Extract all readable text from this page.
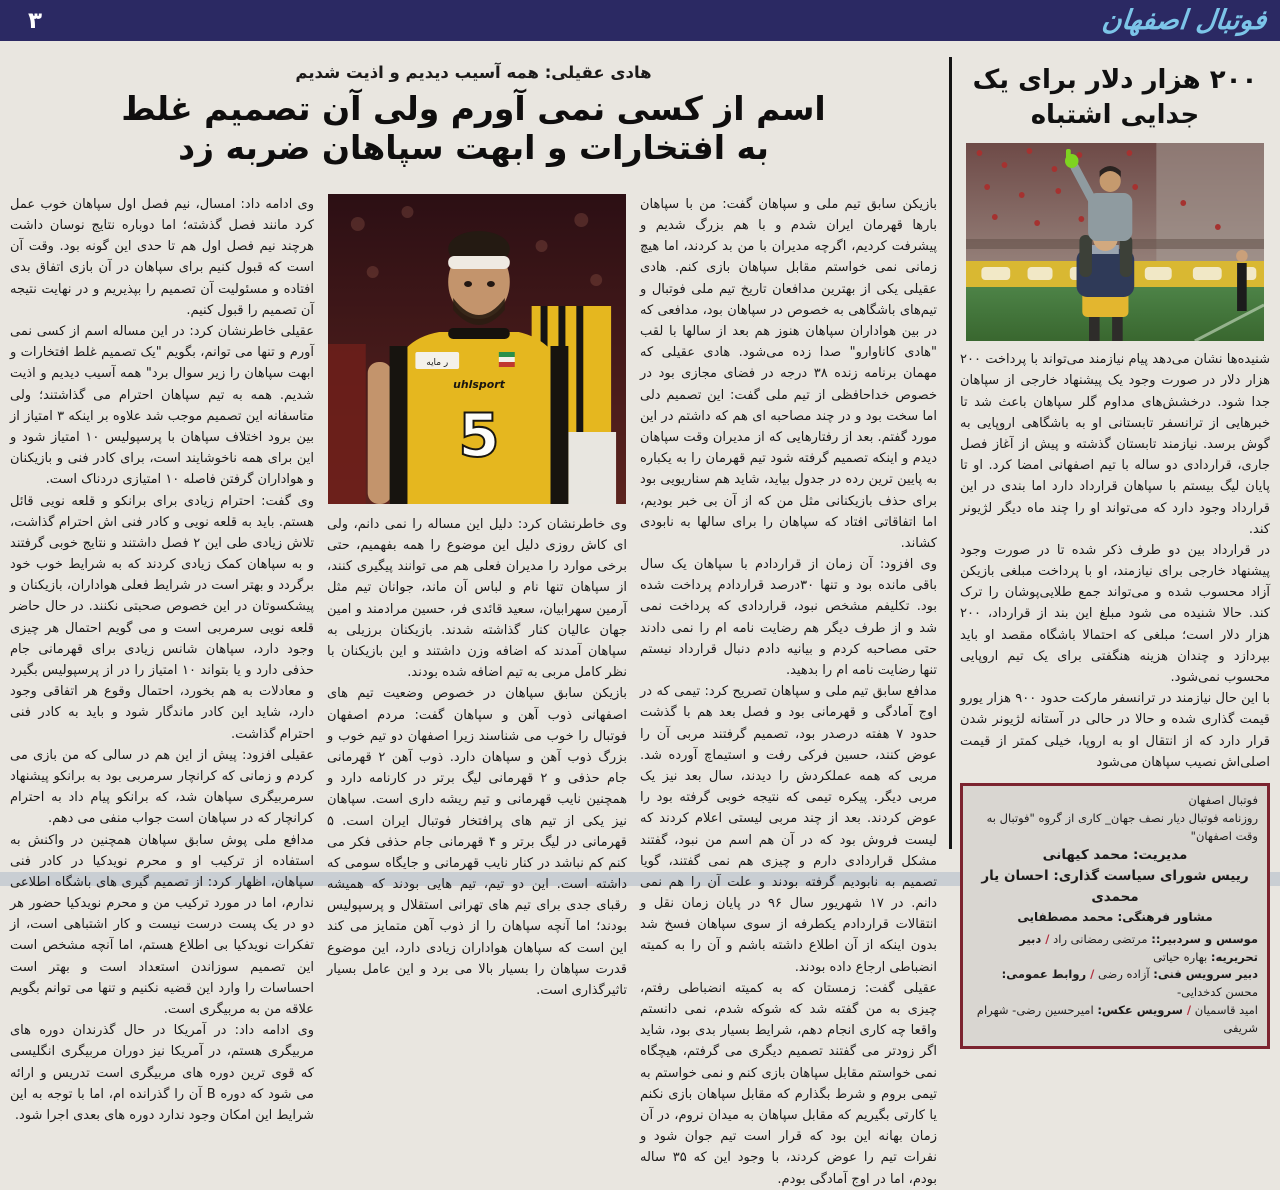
فوتبال اصفهان
٣
۲۰۰ هزار دلار برای یک جدایی اشتباه

شنیده‌ها نشان می‌دهد پیام نیازمند می‌تواند با پرداخت ۲۰۰ هزار دلار در صورت وجود یک پیشنهاد خارجی از سپاهان جدا شود. درخشش‌های مداوم گلر سپاهان باعث شد تا خبرهایی از ترانسفر تابستانی او به باشگاهی اروپایی به گوش برسد. نیازمند تابستان گذشته و پیش از آغاز فصل جاری، قراردادی دو ساله با تیم اصفهانی امضا کرد. او تا پایان لیگ بیستم با سپاهان قرارداد دارد اما بندی در این قرارداد وجود دارد که می‌تواند او را چند ماه دیگر لژیونر کند.

در قرارداد بین دو طرف ذکر شده تا در صورت وجود پیشنهاد خارجی برای نیازمند، او با پرداخت مبلغی بازیکن آزاد محسوب شده و می‌تواند جمع طلایی‌پوشان را ترک کند. حالا شنیده می شود مبلغ این بند از قرارداد، ۲۰۰ هزار دلار است؛ مبلغی که احتمالا باشگاه مقصد او باید بپردازد و چندان هزینه هنگفتی برای یک تیم اروپایی محسوب نمی‌شود.

با این حال نیازمند در ترانسفر مارکت حدود ۹۰۰ هزار یورو قیمت گذاری شده و حالا در حالی در آستانه لژیونر شدن قرار دارد که از انتقال او به اروپا، خیلی کمتر از قیمت اصلی‌اش نصیب سپاهان می‌شود

فوتبال اصفهان
روزنامه فوتبال دیار نصف جهان_ کاری از گروه "فوتبال به وقت اصفهان"
مدیریت: محمد کیهانی
رییس شورای سیاست گذاری: احسان یار محمدی
مشاور فرهنگی: محمد مصطفایی
موسس و سردبیر:: مرتضی رمضانی راد / دبیر تحریریه: بهاره حیاتی
دبیر سرویس فنی: آزاده رضی / روابط عمومی: محسن کدخدایی-
امید قاسمیان / سرویس عکس: امیرحسین رضی- شهرام شریفی
هادی عقیلی: همه آسیب دیدیم و اذیت شدیم
اسم از کسی نمی آورم ولی آن تصمیم غلط
به افتخارات و ابهت سپاهان ضربه زد

بازیکن سابق تیم ملی و سپاهان گفت: من با سپاهان بارها قهرمان ایران شدم و با هم بزرگ شدیم و پیشرفت کردیم، اگرچه مدیران با من بد کردند، اما هیچ زمانی نمی خواستم مقابل سپاهان بازی کنم. هادی عقیلی یکی از بهترین مدافعان تاریخ تیم ملی فوتبال و تیم‌های باشگاهی به خصوص در سپاهان بود، مدافعی که در بین هواداران سپاهان هنوز هم بعد از سالها با لقب "هادی کاناوارو" صدا زده می‌شود. هادی عقیلی که مهمان برنامه زنده ۳۸ درجه در فضای مجازی بود در خصوص خداحافظی از تیم ملی گفت: این تصمیم دلی اما سخت بود و در چند مصاحبه ای هم که داشتم در این مورد گفتم. بعد از رفتارهایی که از مدیران وقت سپاهان دیدم و اینکه تصمیم گرفته شود تیم قهرمان را به یکباره به پایین ترین رده در جدول بیاید، شاید هم سناریویی بود برای حذف بازیکنانی مثل من که از آن بی خبر بودیم، اما اتفاقاتی افتاد که سپاهان را برای سالها به نابودی کشاند.

وی افزود: آن زمان از قراردادم با سپاهان یک سال باقی مانده بود و تنها ۳۰درصد قراردادم پرداخت شده بود. تکلیفم مشخص نبود، قراردادی که پرداخت نمی شد و از طرف دیگر هم رضایت نامه ام را نمی دادند حتی مصاحبه کردم و بیانیه دادم دنبال قرارداد نیستم تنها رضایت نامه ام را بدهید.

مدافع سابق تیم ملی و سپاهان تصریح کرد: تیمی که در اوج آمادگی و قهرمانی بود و فصل بعد هم با گذشت حدود ۷ هفته درصدر بود، تصمیم گرفتند مربی آن را عوض کنند، حسین فرکی رفت و استیماچ آورده شد. مربی که همه عملکردش را دیدند، سال بعد نیز یک مربی دیگر. پیکره تیمی که نتیجه خوبی گرفته بود را عوض کردند. بعد از چند مربی لیستی اعلام کردند که لیست فروش بود که در آن هم اسم من نبود، گفتند مشکل قراردادی دارم و چیزی هم نمی گفتند، گویا تصمیم به نابودیم گرفته بودند و علت آن را هم نمی دانم. در ۱۷ شهریور سال ۹۶ در پایان زمان نقل و انتقالات قراردادم یکطرفه از سوی سپاهان فسخ شد بدون اینکه از آن اطلاع داشته باشم و آن را به کمیته انضباطی ارجاع داده بودند.

عقیلی گفت: زمستان که به کمیته انضباطی رفتم، چیزی به من گفته شد که شوکه شدم، نمی دانستم واقعا چه کاری انجام دهم، شرایط بسیار بدی بود، شاید اگر زودتر می گفتند تصمیم دیگری می گرفتم، هیچگاه نمی خواستم مقابل سپاهان بازی کنم و نمی خواستم به تیمی بروم و شرط بگذارم که مقابل سپاهان بازی نکنم یا کارتی بگیریم که مقابل سپاهان به میدان نروم، در آن زمان بهانه این بود که قرار است تیم جوان شود و نفرات تیم را عوض کردند، با وجود این که ۳۵ ساله بودم، اما در اوج آمادگی بودم.

ر مایه
uhlsport
5

وی خاطرنشان کرد: دلیل این مساله را نمی دانم، ولی ای کاش روزی دلیل این موضوع را همه بفهمیم، حتی برخی موارد را مدیران فعلی هم می توانند پیگیری کنند، از سپاهان تنها نام و لباس آن ماند، جوانان تیم مثل آرمین سهرابیان، سعید قائدی فر، حسین مرادمند و امین جهان عالیان کنار گذاشته شدند. بازیکنان برزیلی به سپاهان آمدند که اضافه وزن داشتند و این بازیکنان با نظر کامل مربی به تیم اضافه شده بودند.

بازیکن سابق سپاهان در خصوص وضعیت تیم های اصفهانی ذوب آهن و سپاهان گفت: مردم اصفهان فوتبال را خوب می شناسند زیرا اصفهان دو تیم خوب و بزرگ ذوب آهن و سپاهان دارد. ذوب آهن ۲ قهرمانی جام حذفی و ۲ قهرمانی لیگ برتر در کارنامه دارد و همچنین نایب قهرمانی و تیم ریشه داری است. سپاهان نیز یکی از تیم های پرافتخار فوتبال ایران است. ۵ قهرمانی در لیگ برتر و ۴ قهرمانی جام حذفی فکر می کنم کم نباشد در کنار نایب قهرمانی و جایگاه سومی که داشته است. این دو تیم، تیم هایی بودند که همیشه رقبای جدی برای تیم های تهرانی استقلال و پرسپولیس بودند؛ اما آنچه سپاهان را از ذوب آهن متمایز می کند این است که سپاهان هواداران زیادی دارد، این موضوع قدرت سپاهان را بسیار بالا می برد و این عامل بسیار تاثیرگذاری است.

وی ادامه داد: امسال، نیم فصل اول سپاهان خوب عمل کرد مانند فصل گذشته؛ اما دوباره نتایج نوسان داشت هرچند نیم فصل اول هم تا حدی این گونه بود. وقت آن است که قبول کنیم برای سپاهان در آن بازی اتفاق بدی افتاده و مسئولیت آن تصمیم را بپذیریم و در نهایت نتیجه آن تصمیم را قبول کنیم.

عقیلی خاطرنشان کرد: در این مساله اسم از کسی نمی آورم و تنها می توانم، بگویم "یک تصمیم غلط افتخارات و ابهت سپاهان را زیر سوال برد" همه آسیب دیدیم و اذیت شدیم. همه به تیم سپاهان احترام می گذاشتند؛ ولی متاسفانه این تصمیم موجب شد علاوه بر اینکه ۳ امتیاز از بین برود اختلاف سپاهان با پرسپولیس ۱۰ امتیاز شود و این برای همه ناخوشایند است، برای کادر فنی و بازیکنان و هواداران گرفتن فاصله ۱۰ امتیازی دردناک است.

وی گفت: احترام زیادی برای برانکو و قلعه نویی قائل هستم. باید به قلعه نویی و کادر فنی اش احترام گذاشت، تلاش زیادی طی این ۲ فصل داشتند و نتایج خوبی گرفتند و به سپاهان کمک زیادی کردند که به شرایط خوب خود برگردد و بهتر است در شرایط فعلی هواداران، بازیکنان و پیشکسوتان در این خصوص صحبتی نکنند. در حال حاضر قلعه نویی سرمربی است و می گویم احتمال هر چیزی وجود دارد، سپاهان شانس زیادی برای قهرمانی جام حذفی دارد و یا بتواند ۱۰ امتیاز را در از پرسپولیس بگیرد و معادلات به هم بخورد، احتمال وقوع هر اتفاقی وجود دارد، شاید این کادر ماندگار شود و باید به کادر فنی احترام گذاشت.

عقیلی افزود: پیش از این هم در سالی که من بازی می کردم و زمانی که کرانچار سرمربی بود به برانکو پیشنهاد سرمربیگری سپاهان شد، که برانکو پیام داد به احترام کرانچار که در سپاهان است جواب منفی می دهم.

مدافع ملی پوش سابق سپاهان همچنین در واکنش به استفاده از ترکیب او و محرم نویدکیا در کادر فنی سپاهان، اظهار کرد: از تصمیم گیری های باشگاه اطلاعی ندارم، اما در مورد ترکیب من و محرم نویدکیا حضور هر دو در یک پست درست نیست و کار اشتباهی است، از تفکرات نویدکیا بی اطلاع هستم، اما آنچه مشخص است این تصمیم سوزاندن استعداد است و بهتر است احساسات را وارد این قضیه نکنیم و تنها می توانم بگویم علاقه من به مربیگری است.

وی ادامه داد: در آمریکا در حال گذرندان دوره های مربیگری هستم، در آمریکا نیز دوران مربیگری انگلیسی که قوی ترین دوره های مربیگری است تدریس و ارائه می شود که دوره B آن را گذرانده ام، اما با توجه به این شرایط این امکان وجود ندارد دوره های بعدی اجرا شود.
